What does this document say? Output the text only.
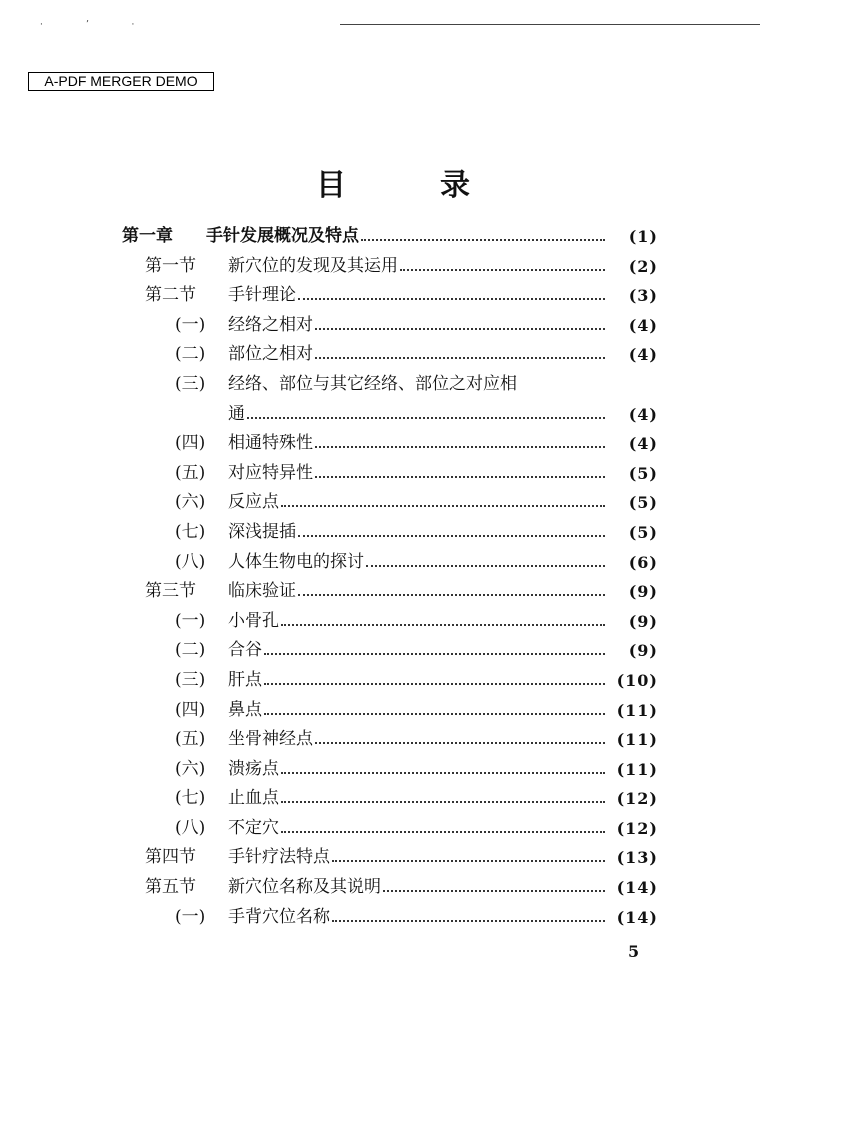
· ʼ ·
A-PDF MERGER DEMO
目	录
第一章 手针发展概况及特点	(1)
第一节 新穴位的发现及其运用	(2)
第二节 手针理论	(3)
(一) 经络之相对	(4)
(二) 部位之相对	(4)
(三) 经络、部位与其它经络、部位之对应相
通	(4)
(四) 相通特殊性	(4)
(五) 对应特异性	(5)
(六) 反应点	(5)
(七) 深浅提插	(5)
(八) 人体生物电的探讨	(6)
第三节 临床验证	(9)
(一) 小骨孔	(9)
(二) 合谷	(9)
(三) 肝点	(10)
(四) 鼻点	(11)
(五) 坐骨神经点	(11)
(六) 溃疡点	(11)
(七) 止血点	(12)
(八) 不定穴	(12)
第四节 手针疗法特点	(13)
第五节 新穴位名称及其说明	(14)
(一) 手背穴位名称	(14)
5
